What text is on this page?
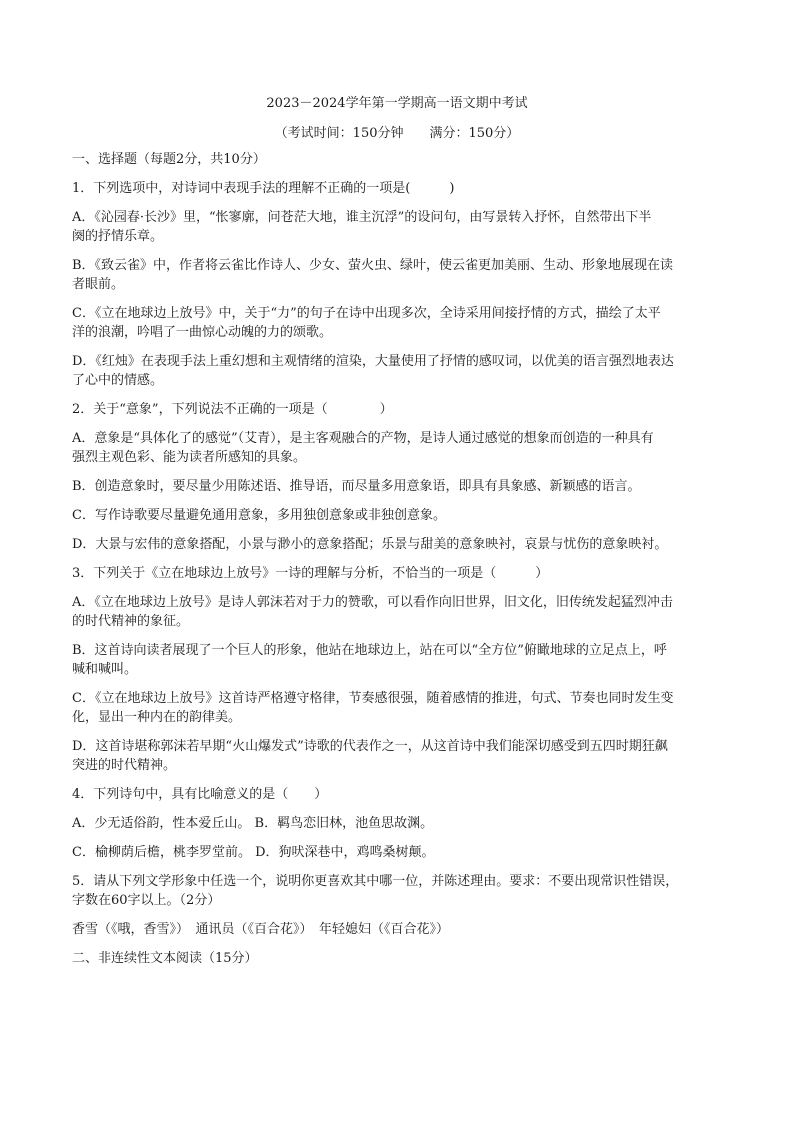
2023－2024学年第一学期高一语文期中考试
（考试时间：150分钟　　满分：150分）
一、选择题（每题2分，共10分）
1．下列选项中，对诗词中表现手法的理解不正确的一项是(　　　)
A．《沁园春·长沙》里，“怅寥廓，问苍茫大地，谁主沉浮”的设问句，由写景转入抒怀，自然带出下半
阕的抒情乐章。
B．《致云雀》中，作者将云雀比作诗人、少女、萤火虫、绿叶，使云雀更加美丽、生动、形象地展现在读
者眼前。
C．《立在地球边上放号》中，关于“力”的句子在诗中出现多次，全诗采用间接抒情的方式，描绘了太平
洋的浪潮，吟唱了一曲惊心动魄的力的颂歌。
D．《红烛》在表现手法上重幻想和主观情绪的渲染，大量使用了抒情的感叹词，以优美的语言强烈地表达
了心中的情感。
2．关于“意象”，下列说法不正确的一项是（　　　　）
A．意象是“具体化了的感觉”（艾青），是主客观融合的产物，是诗人通过感觉的想象而创造的一种具有
强烈主观色彩、能为读者所感知的具象。
B．创造意象时，要尽量少用陈述语、推导语，而尽量多用意象语，即具有具象感、新颖感的语言。
C．写作诗歌要尽量避免通用意象，多用独创意象或非独创意象。
D．大景与宏伟的意象搭配，小景与渺小的意象搭配；乐景与甜美的意象映衬，哀景与忧伤的意象映衬。
3．下列关于《立在地球边上放号》一诗的理解与分析，不恰当的一项是（　　　）
A．《立在地球边上放号》是诗人郭沫若对于力的赞歌，可以看作向旧世界，旧文化，旧传统发起猛烈冲击
的时代精神的象征。
B．这首诗向读者展现了一个巨人的形象，他站在地球边上，站在可以“全方位”俯瞰地球的立足点上，呼
喊和喊叫。
C．《立在地球边上放号》这首诗严格遵守格律，节奏感很强，随着感情的推进，句式、节奏也同时发生变
化，显出一种内在的韵律美。
D．这首诗堪称郭沫若早期“火山爆发式”诗歌的代表作之一，从这首诗中我们能深切感受到五四时期狂飙
突进的时代精神。
4．下列诗句中，具有比喻意义的是（　　）
A．少无适俗韵，性本爱丘山。 B．羁鸟恋旧林，池鱼思故渊。
C．榆柳荫后檐，桃李罗堂前。 D．狗吠深巷中，鸡鸣桑树颠。
5．请从下列文学形象中任选一个，说明你更喜欢其中哪一位，并陈述理由。要求：不要出现常识性错误，
字数在60字以上。（2分）
香雪（《哦，香雪》）　通讯员（《百合花》）　年轻媳妇（《百合花》）
二、非连续性文本阅读（15分）
